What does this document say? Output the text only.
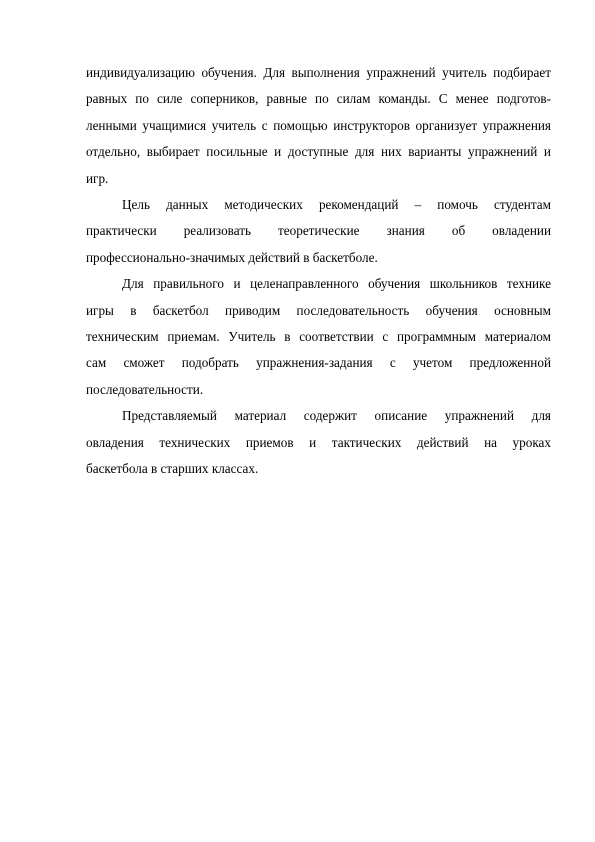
индивидуализацию обучения. Для выполнения упражнений учитель подбирает
равных по силе соперников, равные по силам команды. С менее подготов-
ленными учащимися учитель с помощью инструкторов организует упражнения
отдельно, выбирает посильные и доступные для них варианты упражнений и
игр.

Цель данных методических рекомендаций – помочь студентам
практически реализовать теоретические знания об овладении
профессионально-значимых действий в баскетболе.

Для правильного и целенаправленного обучения школьников технике
игры в баскетбол приводим последовательность обучения основным
техническим приемам. Учитель в соответствии с программным материалом
сам сможет подобрать упражнения-задания с учетом предложенной
последовательности.

Представляемый материал содержит описание упражнений для
овладения технических приемов и тактических действий на уроках
баскетбола в старших классах.
